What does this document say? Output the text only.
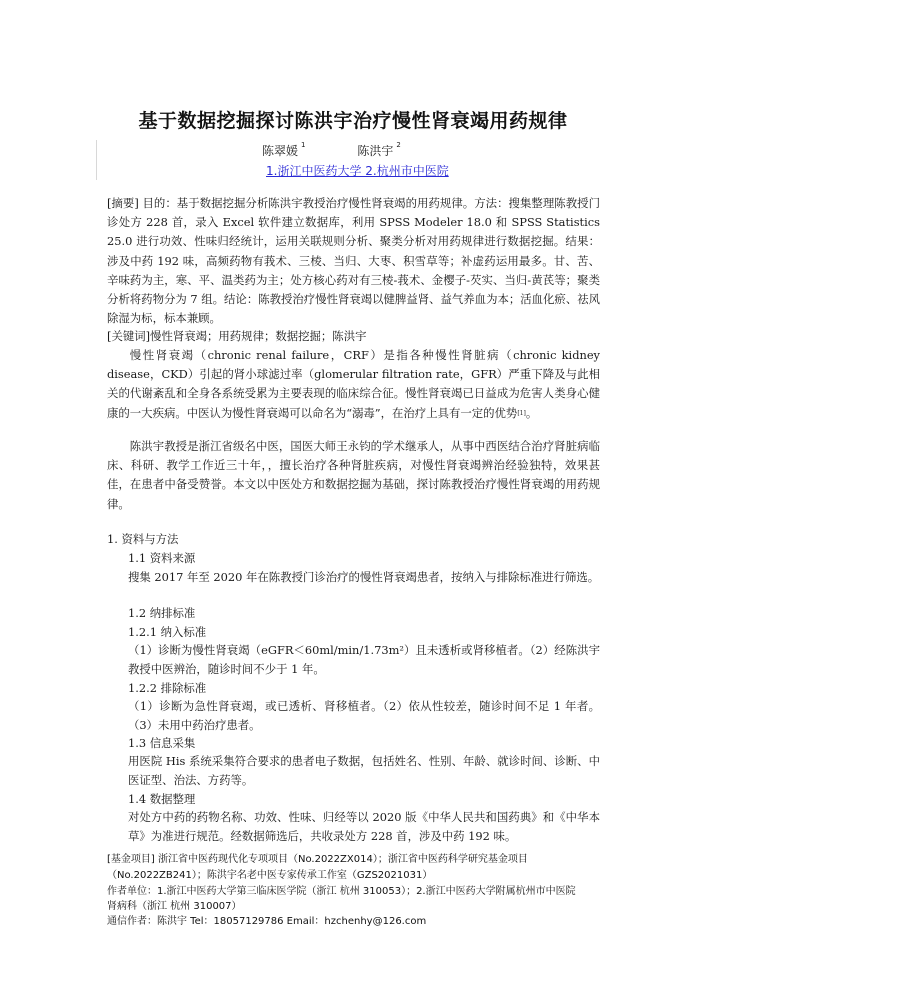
基于数据挖掘探讨陈洪宇治疗慢性肾衰竭用药规律
陈翠媛 $^1$	陈洪宇 $^2$
1.浙江中医药大学 2.杭州市中医院
[摘要] 目的：基于数据挖掘分析陈洪宇教授治疗慢性肾衰竭的用药规律。方法：搜集整理陈教授门诊处方 228 首，录入 Excel 软件建立数据库，利用 SPSS Modeler 18.0 和 SPSS Statistics 25.0 进行功效、性味归经统计，运用关联规则分析、聚类分析对用药规律进行数据挖掘。结果：涉及中药 192 味，高频药物有莪术、三棱、当归、大枣、积雪草等；补虚药运用最多。甘、苦、辛味药为主，寒、平、温类药为主；处方核心药对有三棱-莪术、金樱子-芡实、当归-黄芪等；聚类分析将药物分为 7 组。结论：陈教授治疗慢性肾衰竭以健脾益肾、益气养血为本；活血化瘀、祛风除湿为标，标本兼顾。
[关键词]慢性肾衰竭；用药规律；数据挖掘；陈洪宇
慢性肾衰竭（chronic renal failure，CRF）是指各种慢性肾脏病（chronic kidney disease，CKD）引起的肾小球滤过率（glomerular filtration rate，GFR）严重下降及与此相关的代谢紊乱和全身各系统受累为主要表现的临床综合征。慢性肾衰竭已日益成为危害人类身心健康的一大疾病。中医认为慢性肾衰竭可以命名为“溺毒”，在治疗上具有一定的优势[1]。
陈洪宇教授是浙江省级名中医，国医大师王永钧的学术继承人，从事中西医结合治疗肾脏病临床、科研、教学工作近三十年，，擅长治疗各种肾脏疾病，对慢性肾衰竭辨治经验独特，效果甚佳，在患者中备受赞誉。本文以中医处方和数据挖掘为基础，探讨陈教授治疗慢性肾衰竭的用药规律。
1. 资料与方法
1.1 资料来源
搜集 2017 年至 2020 年在陈教授门诊治疗的慢性肾衰竭患者，按纳入与排除标准进行筛选。
1.2 纳排标准
1.2.1 纳入标准
（1）诊断为慢性肾衰竭（eGFR＜60ml/min/1.73m²）且未透析或肾移植者。（2）经陈洪宇教授中医辨治，随诊时间不少于 1 年。
1.2.2 排除标准
（1）诊断为急性肾衰竭，或已透析、肾移植者。（2）依从性较差，随诊时间不足 1 年者。（3）未用中药治疗患者。
1.3 信息采集
用医院 His 系统采集符合要求的患者电子数据，包括姓名、性别、年龄、就诊时间、诊断、中医证型、治法、方药等。
1.4 数据整理
对处方中药的药物名称、功效、性味、归经等以 2020 版《中华人民共和国药典》和《中华本草》为准进行规范。经数据筛选后，共收录处方 228 首，涉及中药 192 味。
[基金项目] 浙江省中医药现代化专项项目（No.2022ZX014）；浙江省中医药科学研究基金项目
（No.2022ZB241）；陈洪宇名老中医专家传承工作室（GZS2021031）
作者单位：1.浙江中医药大学第三临床医学院（浙江 杭州 310053）；2.浙江中医药大学附属杭州市中医院
肾病科（浙江 杭州 310007）
通信作者：陈洪宇 Tel：18057129786 Email：hzchenhy@126.com
